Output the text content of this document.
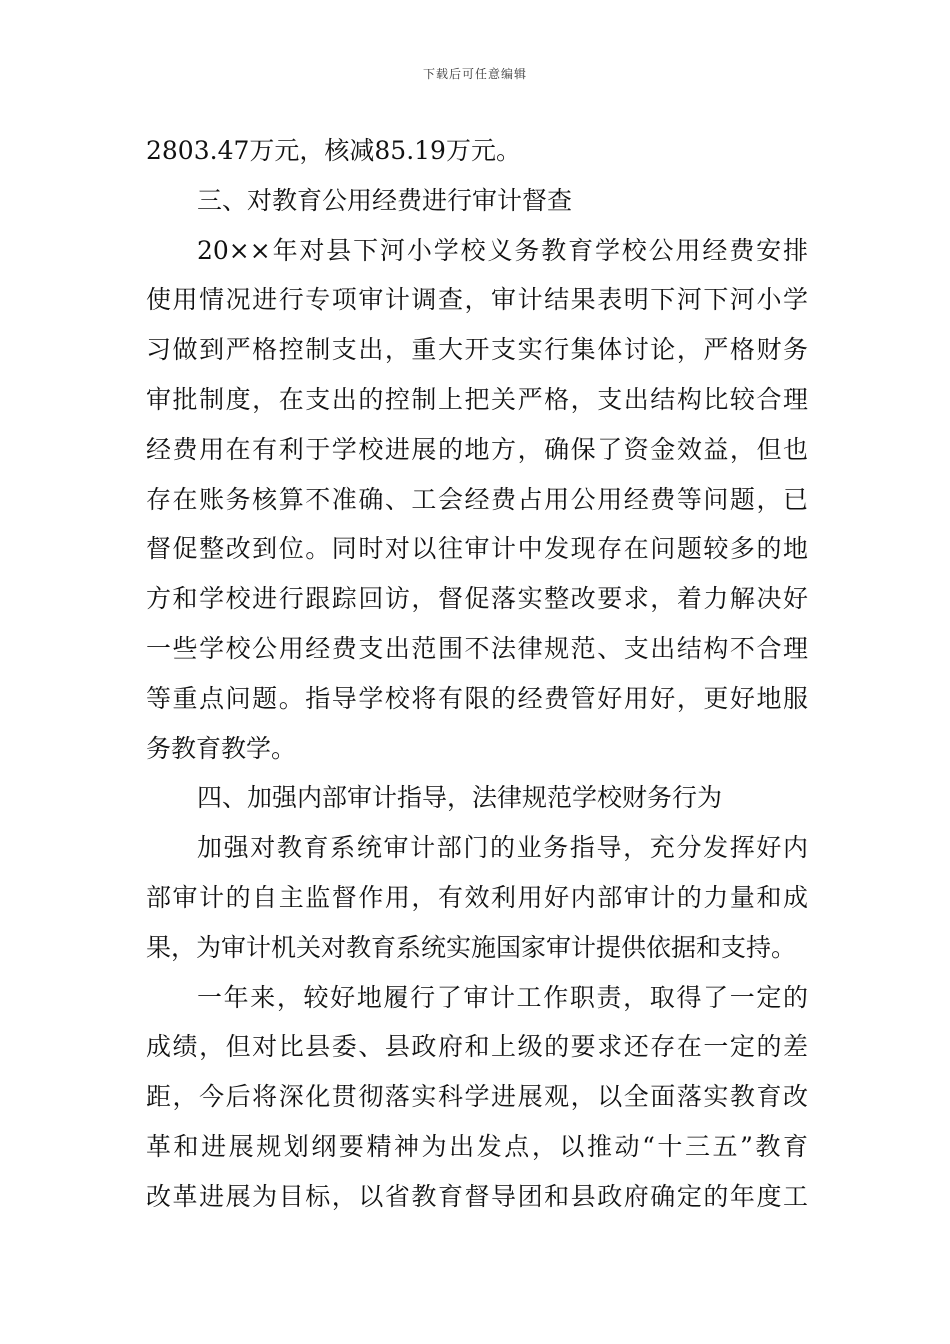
下载后可任意编辑
2803.47万元，核减85.19万元。
三、对教育公用经费进行审计督查
20××年对县下河小学校义务教育学校公用经费安排
使用情况进行专项审计调查，审计结果表明下河下河小学
习做到严格控制支出，重大开支实行集体讨论，严格财务
审批制度，在支出的控制上把关严格，支出结构比较合理
经费用在有利于学校进展的地方，确保了资金效益，但也
存在账务核算不准确、工会经费占用公用经费等问题，已
督促整改到位。同时对以往审计中发现存在问题较多的地
方和学校进行跟踪回访，督促落实整改要求，着力解决好
一些学校公用经费支出范围不法律规范、支出结构不合理
等重点问题。指导学校将有限的经费管好用好，更好地服
务教育教学。
四、加强内部审计指导，法律规范学校财务行为
加强对教育系统审计部门的业务指导，充分发挥好内
部审计的自主监督作用，有效利用好内部审计的力量和成
果，为审计机关对教育系统实施国家审计提供依据和支持。
一年来，较好地履行了审计工作职责，取得了一定的
成绩，但对比县委、县政府和上级的要求还存在一定的差
距，今后将深化贯彻落实科学进展观，以全面落实教育改
革和进展规划纲要精神为出发点，以推动“十三五”教育
改革进展为目标，以省教育督导团和县政府确定的年度工
